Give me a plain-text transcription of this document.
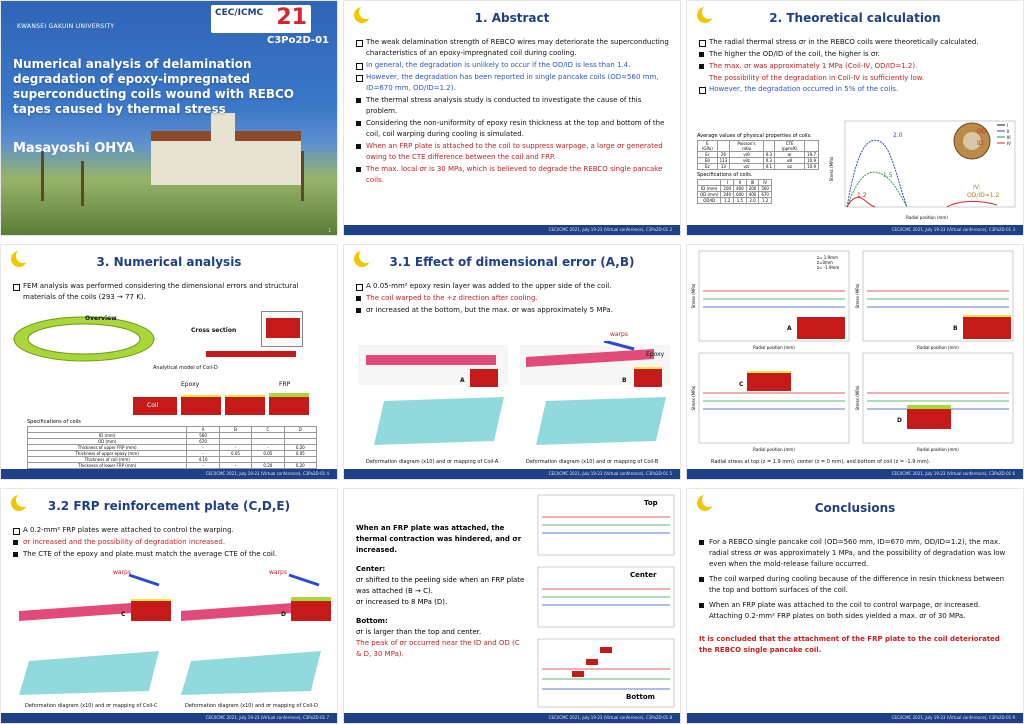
KWANSEI GAKUIN UNIVERSITY
CEC/ICMC 21
C3Po2D-01
Numerical analysis of delamination degradation of epoxy-impregnated superconducting coils wound with REBCO tapes caused by thermal stress
Masayoshi OHYA
1
1. Abstract
The weak delamination strength of REBCO wires may deteriorate the superconducting characteristics of an epoxy-impregnated coil during cooling.
In general, the degradation is unlikely to occur if the OD/ID is less than 1.4.
However, the degradation has been reported in single pancake coils (OD=560 mm, ID=670 mm, OD/ID=1.2).
The thermal stress analysis study is conducted to investigate the cause of this problem.
Considering the non-uniformity of epoxy resin thickness at the top and bottom of the coil, coil warping during cooling is simulated.
When an FRP plate is attached to the coil to suppress warpage, a large σr generated owing to the CTE difference between the coil and FRP.
The max. local σr is 30 MPa, which is believed to degrade the REBCO single pancake coils.
CEC/ICMC 2021, July 19-23 (Virtual conference), C3Po2D-01 2
2. Theoretical calculation
The radial thermal stress σr in the REBCO coils were theoretically calculated.
The higher the OD/ID of the coil, the higher is σr.
The max. σr was approximately 1 MPa (Coil-IV, OD/ID=1.2).
The possibility of the degradation in Coil-IV is sufficiently low.
However, the degradation occurred in 5% of the coils.
Average values of physical properties of coils.
E (GPa)		Poisson's ratio		CTE (ppm/K)	
Er	26	νrθ	0.3	αr	19.7
Eθ	113	νθz	0.3	αθ	10.9
Ez	13	νzr	0.1	αz	10.9
Specifications of coils.
	I	II	III	IV
ID (mm)	200	400	200	560
OD (mm)	240	600	400	670
OD/ID	1.2	1.5	2.0	1.2
2.0
1.5
1.2
IV:
OD/ID=1.2
Radial position (mm)
Stress (MPa)
OD
ID
I
II
III
IV
CEC/ICMC 2021, July 19-23 (Virtual conference), C3Po2D-01 3
3. Numerical analysis
FEM analysis was performed considering the dimensional errors and structural materials of the coils (293 → 77 K).
Overview
Cross section
Analytical model of Coil-D
Epoxy	FRP
Coil
Specifications of coils
	A	B	C	D
ID (mm)	560			
OD (mm)	670			
Thickness of upper FRP (mm)	-	-	-	0.20
Thickness of upper epoxy (mm)	-	0.05	0.05	0.05
Thickness of coil (mm)	4.10			
Thickness of lower FRP (mm)	-	-	0.20	0.20
CEC/ICMC 2021, July 19-23 (Virtual conference), C3Po2D-01 4
3.1 Effect of dimensional error (A,B)
A 0.05-mm² epoxy resin layer was added to the upper side of the coil.
The coil warped to the +z direction after cooling.
σr increased at the bottom, but the max. σr was approximately 5 MPa.
A	B
warps
Epoxy
Deformation diagram (x10) and σr mapping of Coil-A	Deformation diagram (x10) and σr mapping of Coil-B
CEC/ICMC 2021, July 19-23 (Virtual conference), C3Po2D-01 5
Radial position (mm)
Stress (MPa)
Radial position (mm)
Stress (MPa)
Radial position (mm)
Stress (MPa)
Radial position (mm)
Stress (MPa)
z= 1.9mm
z=0mm
z= -1.9mm
A	B
C
D
Radial stress at top (z = 1.9 mm), center (z = 0 mm), and bottom of coil (z = -1.9 mm).
CEC/ICMC 2021, July 19-23 (Virtual conference), C3Po2D-01 6
3.2 FRP reinforcement plate (C,D,E)
A 0.2-mm² FRP plates were attached to control the warping.
σr increased and the possibility of degradation increased.
The CTE of the epoxy and plate must match the average CTE of the coil.
warps	warps
C	D
Deformation diagram (x10) and σr mapping of Coil-C	Deformation diagram (x10) and σr mapping of Coil-D
CEC/ICMC 2021, July 19-23 (Virtual conference), C3Po2D-01 7
When an FRP plate was attached, the thermal contraction was hindered, and σr increased.
Center:
σr shifted to the peeling side when an FRP plate was attached (B → C).
σr increased to 8 MPa (D).
Bottom:
σr is larger than the top and center.
The peak of σr occurred near the ID and OD (C & D, 30 MPa).
Top
Center
Bottom
CEC/ICMC 2021, July 19-23 (Virtual conference), C3Po2D-01 8
Conclusions
For a REBCO single pancake coil (OD=560 mm, ID=670 mm, OD/ID=1.2), the max. radial stress σr was approximately 1 MPa, and the possibility of degradation was low even when the mold-release failure occurred.
The coil warped during cooling because of the difference in resin thickness between the top and bottom surfaces of the coil.
When an FRP plate was attached to the coil to control warpage, σr increased. Attaching 0.2-mm² FRP plates on both sides yielded a max. σr of 30 MPa.
It is concluded that the attachment of the FRP plate to the coil deteriorated the REBCO single pancake coil.
CEC/ICMC 2021, July 19-23 (Virtual conference), C3Po2D-01 9
